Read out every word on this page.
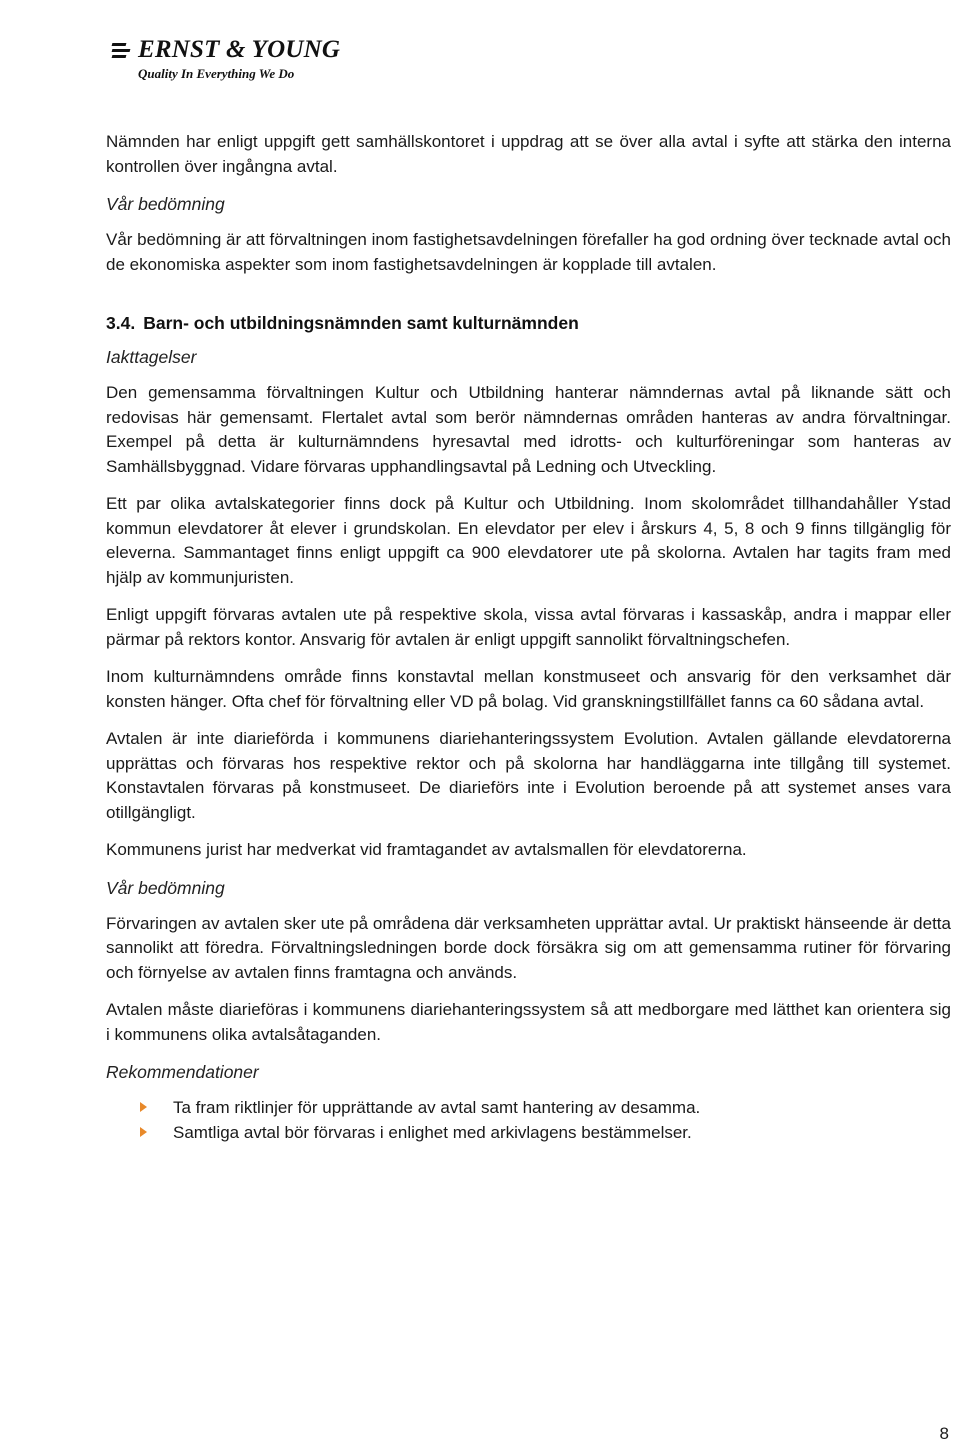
ERNST & YOUNG
Quality In Everything We Do

Nämnden har enligt uppgift gett samhällskontoret i uppdrag att se över alla avtal i syfte att stärka den interna kontrollen över ingångna avtal.

Vår bedömning

Vår bedömning är att förvaltningen inom fastighetsavdelningen förefaller ha god ordning över tecknade avtal och de ekonomiska aspekter som inom fastighetsavdelningen är kopplade till avtalen.

3.4. Barn- och utbildningsnämnden samt kulturnämnden
Iakttagelser

Den gemensamma förvaltningen Kultur och Utbildning hanterar nämndernas avtal på liknande sätt och redovisas här gemensamt. Flertalet avtal som berör nämndernas områden hanteras av andra förvaltningar. Exempel på detta är kulturnämndens hyresavtal med idrotts- och kulturföreningar som hanteras av Samhällsbyggnad. Vidare förvaras upphandlingsavtal på Ledning och Utveckling.

Ett par olika avtalskategorier finns dock på Kultur och Utbildning. Inom skolområdet tillhandahåller Ystad kommun elevdatorer åt elever i grundskolan. En elevdator per elev i årskurs 4, 5, 8 och 9 finns tillgänglig för eleverna. Sammantaget finns enligt uppgift ca 900 elevdatorer ute på skolorna. Avtalen har tagits fram med hjälp av kommunjuristen.

Enligt uppgift förvaras avtalen ute på respektive skola, vissa avtal förvaras i kassaskåp, andra i mappar eller pärmar på rektors kontor. Ansvarig för avtalen är enligt uppgift sannolikt förvaltningschefen.

Inom kulturnämndens område finns konstavtal mellan konstmuseet och ansvarig för den verksamhet där konsten hänger. Ofta chef för förvaltning eller VD på bolag. Vid granskningstillfället fanns ca 60 sådana avtal.

Avtalen är inte diarieförda i kommunens diariehanteringssystem Evolution. Avtalen gällande elevdatorerna upprättas och förvaras hos respektive rektor och på skolorna har handläggarna inte tillgång till systemet. Konstavtalen förvaras på konstmuseet. De diarieförs inte i Evolution beroende på att systemet anses vara otillgängligt.

Kommunens jurist har medverkat vid framtagandet av avtalsmallen för elevdatorerna.

Vår bedömning

Förvaringen av avtalen sker ute på områdena där verksamheten upprättar avtal. Ur praktiskt hänseende är detta sannolikt att föredra. Förvaltningsledningen borde dock försäkra sig om att gemensamma rutiner för förvaring och förnyelse av avtalen finns framtagna och används.

Avtalen måste diarieföras i kommunens diariehanteringssystem så att medborgare med lätthet kan orientera sig i kommunens olika avtalsåtaganden.

Rekommendationer
Ta fram riktlinjer för upprättande av avtal samt hantering av desamma.
Samtliga avtal bör förvaras i enlighet med arkivlagens bestämmelser.
8
